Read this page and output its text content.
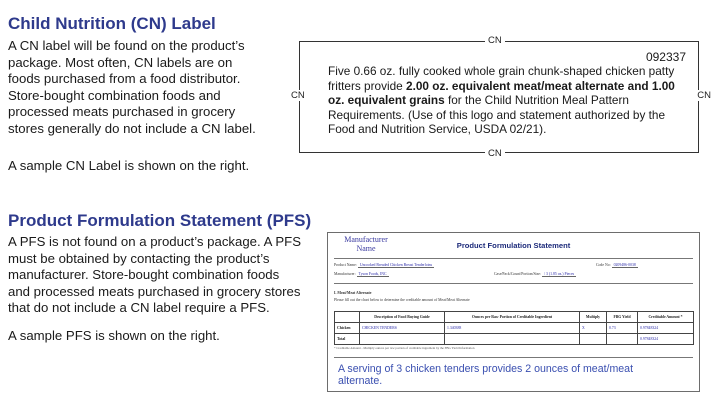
Child Nutrition (CN) Label

A CN label will be found on the product’s
package. Most often, CN labels are on
foods purchased from a food distributor.
Store-bought combination foods and
processed meats purchased in grocery
stores generally do not include a CN label.

A sample CN Label is shown on the right.

CN
CN
CN	CN
092337

Five 0.66 oz. fully cooked whole grain chunk-shaped chicken patty fritters provide 2.00 oz. equivalent meat/meat alternate and 1.00 oz. equivalent grains for the Child Nutrition Meal Pattern Requirements. (Use of this logo and statement authorized by the Food and Nutrition Service, USDA 02/21).

Product Formulation Statement (PFS)

A PFS is not found on a product’s package. A PFS
must be obtained by contacting the product’s
manufacturer. Store-bought combination foods
and processed meats purchased in grocery stores
that do not include a CN label require a PFS.

A sample PFS is shown on the right.

Manufacturer Name	Product Formulation Statement
Product Name: Uncooked Breaded Chicken Breast Tenderloins	Code No: 0209486-0038
Manufacturer: Tyson Foods, INC	Case/Pack/Count/Portion/Size: / 3 (1.85 oz.) Pieces
I. Meat/Meat Alternate
Please fill out the chart below to determine the creditable amount of Meat/Meat Alternate
	Description of Food Buying Guide	Ounces per Raw Portion of Creditable Ingredient	Multiply	FBG Yield	Creditable Amount *
Chicken	CHICKEN TENDERS	1.340388	X	0.73	0.97848324
Total					0.97848324
* Creditable Amount - Multiply ounces per raw portion of creditable ingredient by the FBG Yield Information

A serving of 3 chicken tenders provides 2 ounces of meat/meat alternate.
